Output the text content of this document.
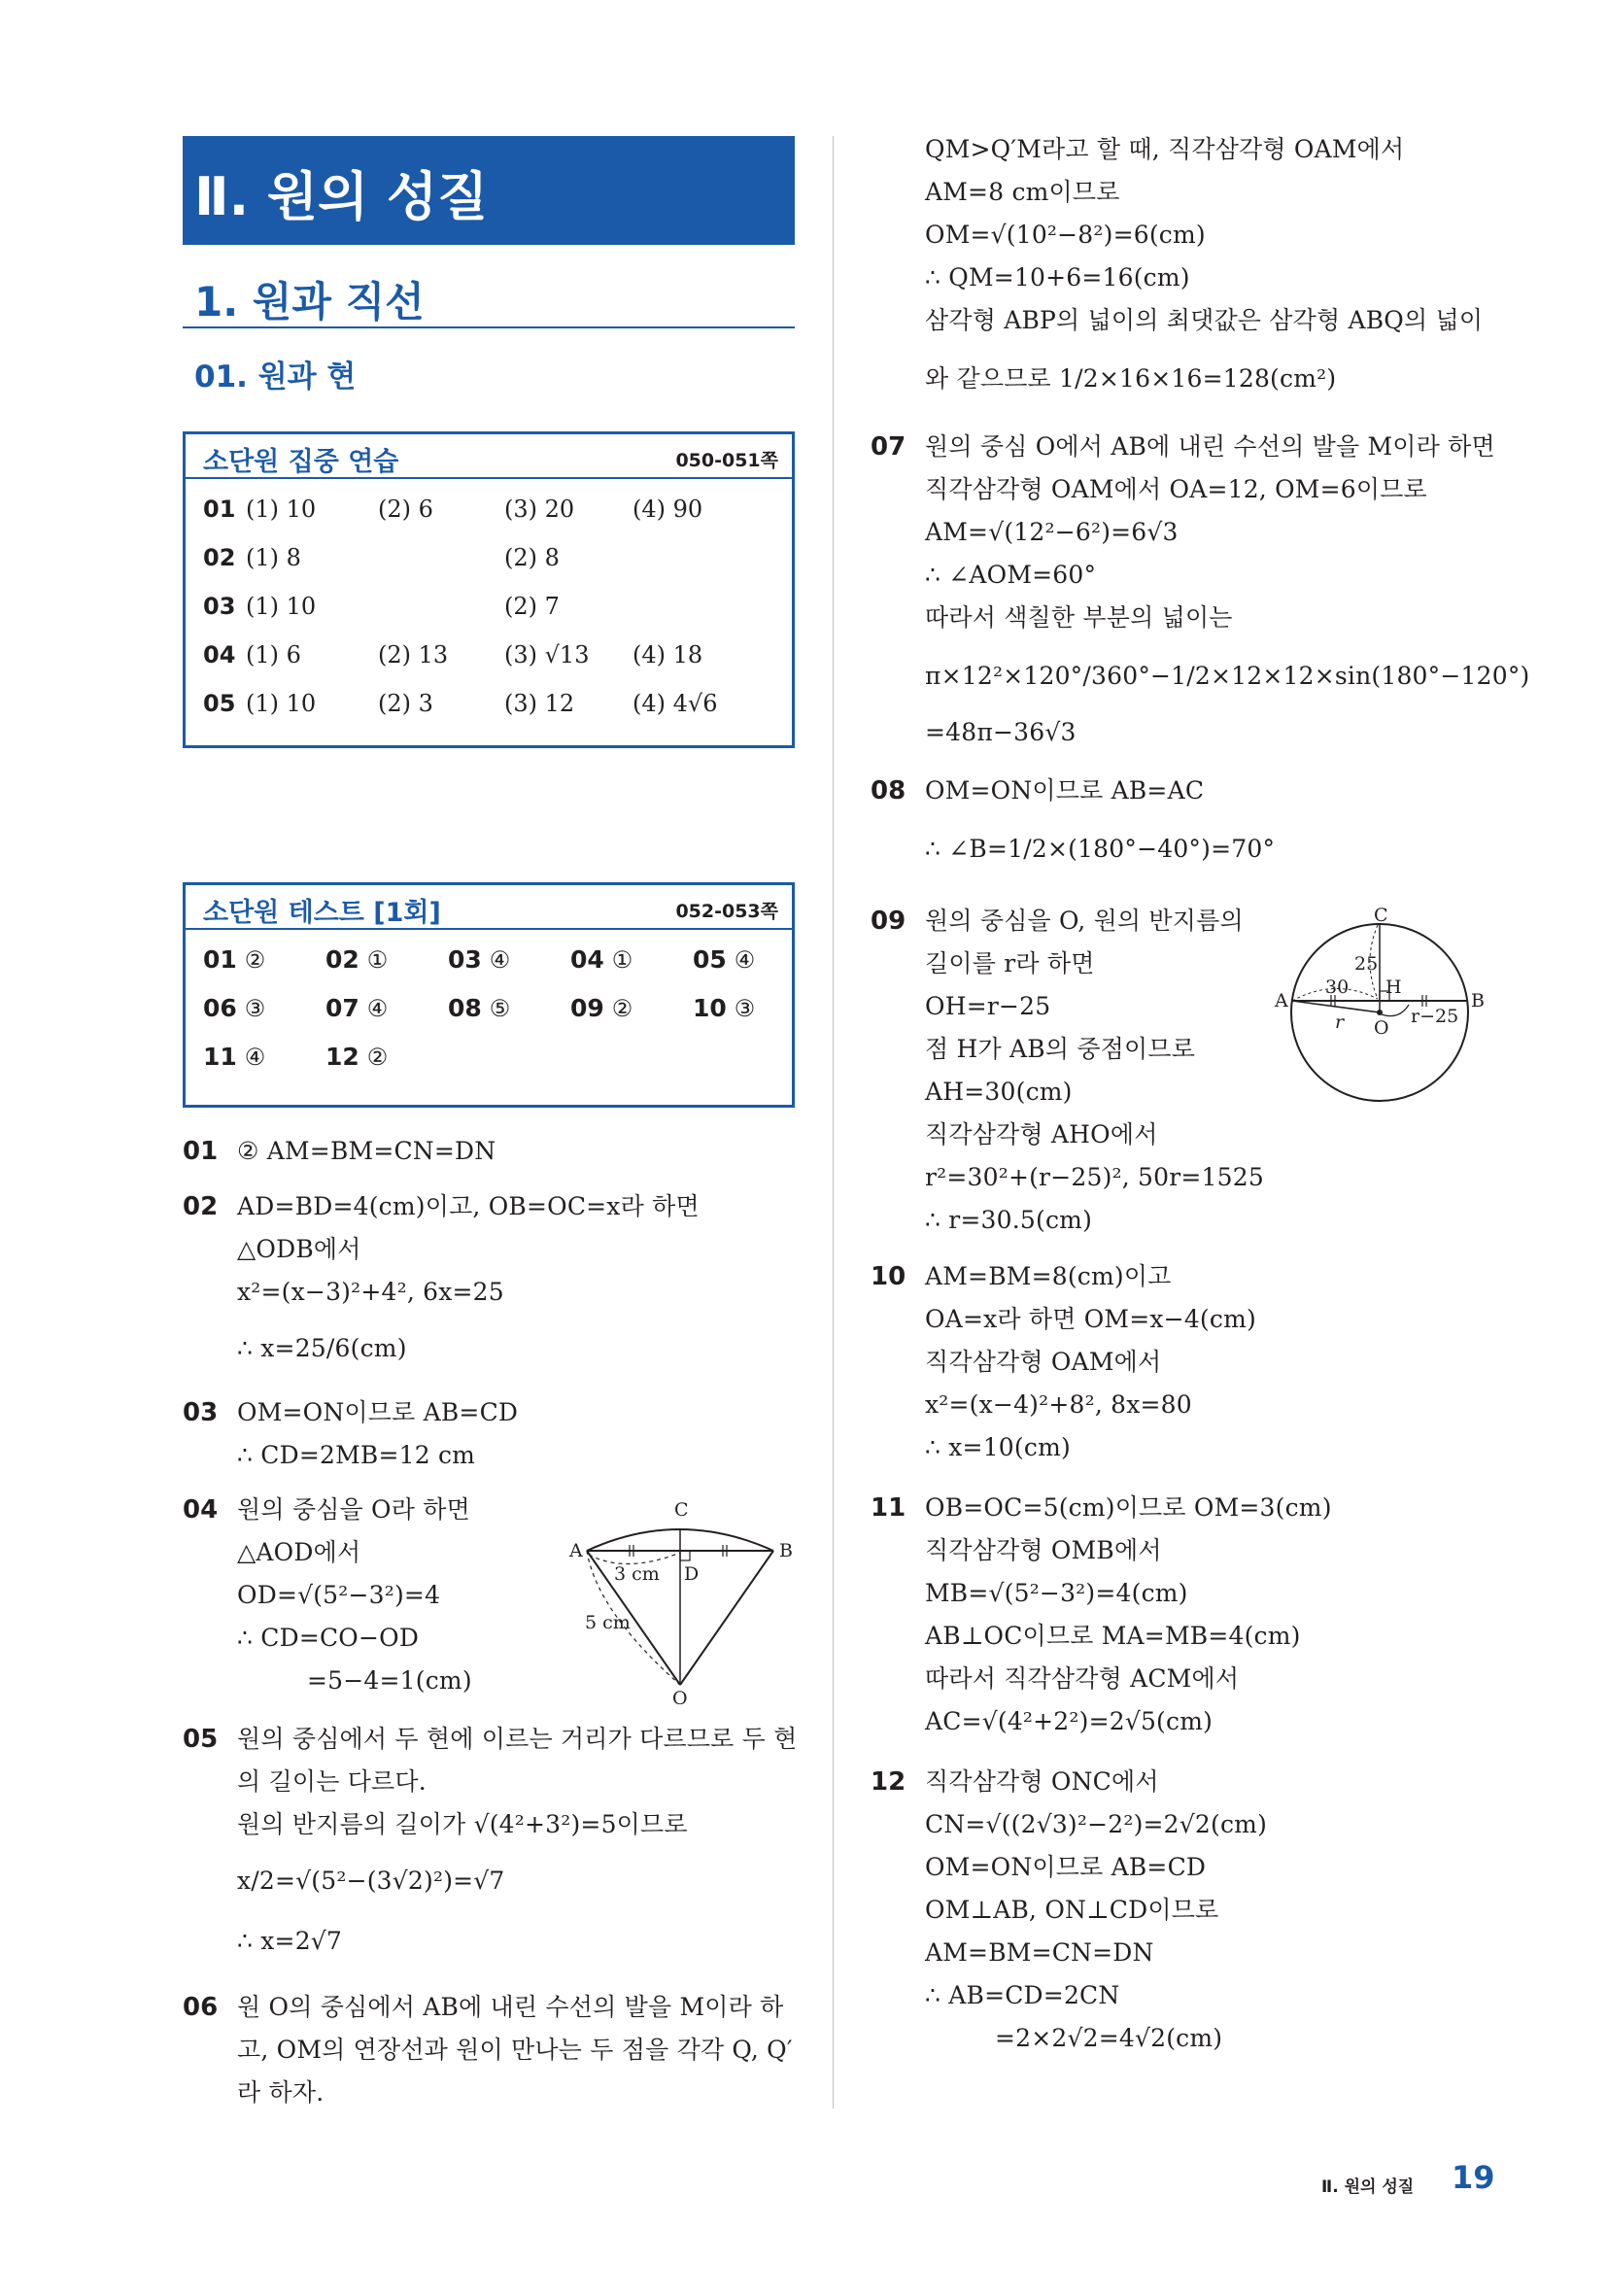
Ⅱ. 원의 성질
1. 원과 직선
01. 원과 현
소단원 집중 연습	050-051쪽
01 (1) 10	(2) 6	(3) 20 (4) 90
02 (1) 8	(2) 8
03 (1) 10	(2) 7
04 (1) 6	(2) 13 (3) √13 (4) 18
05 (1) 10	(2) 3	(3) 12 (4) 4√6
소단원 테스트 [1회]	052-053쪽
01 ② 02 ① 03 ④ 04 ① 05 ④
06 ③ 07 ④ 08 ⑤ 09 ② 10 ③
11 ④ 12 ②
01 ② AM=BM=CN=DN
02 AD=BD=4(cm)이고, OB=OC=x라 하면
△ODB에서
x²=(x−3)²+4², 6x=25
∴ x=25/6(cm)
03 OM=ON이므로 AB=CD
∴ CD=2MB=12 cm
04 원의 중심을 O라 하면
△AOD에서
OD=√(5²−3²)=4
∴ CD=CO−OD
=5−4=1(cm)
C
A	B
D
3 cm
5 cm
O
05 원의 중심에서 두 현에 이르는 거리가 다르므로 두 현
의 길이는 다르다.
원의 반지름의 길이가 √(4²+3²)=5이므로
x/2=√(5²−(3√2)²)=√7
∴ x=2√7
06 원 O의 중심에서 AB에 내린 수선의 발을 M이라 하
고, OM의 연장선과 원이 만나는 두 점을 각각 Q, Q′
라 하자.
QM>Q′M라고 할 때, 직각삼각형 OAM에서
AM=8 cm이므로
OM=√(10²−8²)=6(cm)
∴ QM=10+6=16(cm)
삼각형 ABP의 넓이의 최댓값은 삼각형 ABQ의 넓이
와 같으므로 1/2×16×16=128(cm²)
07 원의 중심 O에서 AB에 내린 수선의 발을 M이라 하면
직각삼각형 OAM에서 OA=12, OM=6이므로
AM=√(12²−6²)=6√3
∴ ∠AOM=60°
따라서 색칠한 부분의 넓이는
π×12²×120°/360°−1/2×12×12×sin(180°−120°)
=48π−36√3
08 OM=ON이므로 AB=AC
∴ ∠B=1/2×(180°−40°)=70°
09 원의 중심을 O, 원의 반지름의
길이를 r라 하면
OH=r−25
점 H가 AB의 중점이므로
AH=30(cm)
직각삼각형 AHO에서
r²=30²+(r−25)², 50r=1525
∴ r=30.5(cm)
C
A	B
H
25
30
r	r−25
O
10 AM=BM=8(cm)이고
OA=x라 하면 OM=x−4(cm)
직각삼각형 OAM에서
x²=(x−4)²+8², 8x=80
∴ x=10(cm)
11 OB=OC=5(cm)이므로 OM=3(cm)
직각삼각형 OMB에서
MB=√(5²−3²)=4(cm)
AB⊥OC이므로 MA=MB=4(cm)
따라서 직각삼각형 ACM에서
AC=√(4²+2²)=2√5(cm)
12 직각삼각형 ONC에서
CN=√((2√3)²−2²)=2√2(cm)
OM=ON이므로 AB=CD
OM⊥AB, ON⊥CD이므로
AM=BM=CN=DN
∴ AB=CD=2CN
=2×2√2=4√2(cm)
Ⅱ. 원의 성질 19
